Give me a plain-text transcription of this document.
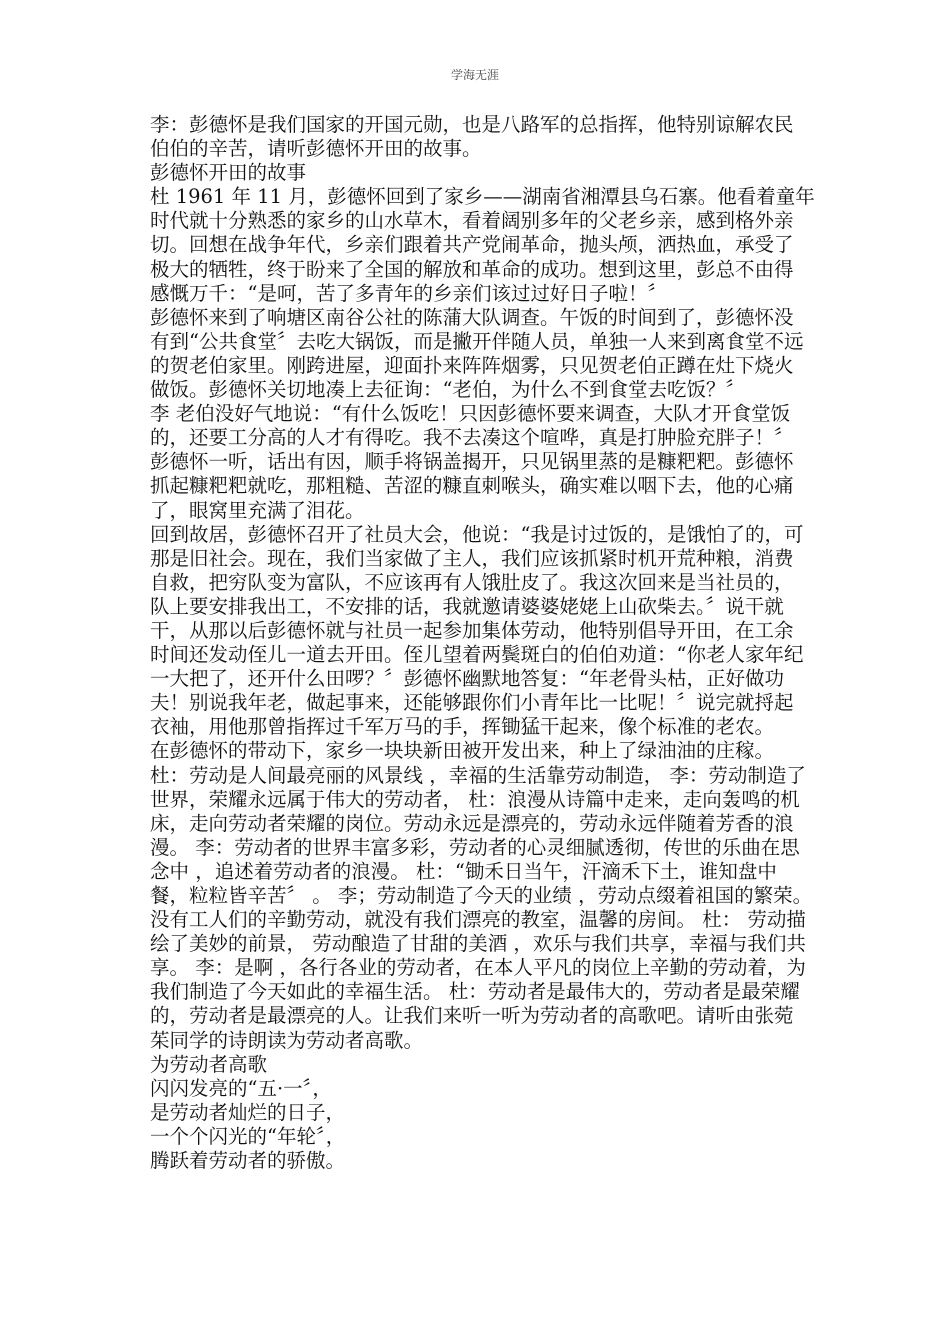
学海无涯
李：彭德怀是我们国家的开国元勋，也是八路军的总指挥，他特别谅解农民
伯伯的辛苦，请听彭德怀开田的故事。
彭德怀开田的故事
杜 1961 年 11 月，彭德怀回到了家乡——湖南省湘潭县乌石寨。他看着童年
时代就十分熟悉的家乡的山水草木，看着阔别多年的父老乡亲，感到格外亲
切。回想在战争年代，乡亲们跟着共产党闹革命，抛头颅，洒热血，承受了
极大的牺牲，终于盼来了全国的解放和革命的成功。想到这里，彭总不由得
感慨万千：“是呵，苦了多青年的乡亲们该过过好日子啦！〞
彭德怀来到了响塘区南谷公社的陈蒲大队调查。午饭的时间到了，彭德怀没
有到“公共食堂〞去吃大锅饭，而是撇开伴随人员，单独一人来到离食堂不远
的贺老伯家里。刚跨进屋，迎面扑来阵阵烟雾，只见贺老伯正蹲在灶下烧火
做饭。彭德怀关切地凑上去征询：“老伯，为什么不到食堂去吃饭？〞
李 老伯没好气地说：“有什么饭吃！只因彭德怀要来调查，大队才开食堂饭
的，还要工分高的人才有得吃。我不去凑这个喧哗，真是打肿脸充胖子！〞
彭德怀一听，话出有因，顺手将锅盖揭开，只见锅里蒸的是糠粑粑。彭德怀
抓起糠粑粑就吃，那粗糙、苦涩的糠直刺喉头，确实难以咽下去，他的心痛
了，眼窝里充满了泪花。
回到故居，彭德怀召开了社员大会，他说：“我是讨过饭的，是饿怕了的，可
那是旧社会。现在，我们当家做了主人，我们应该抓紧时机开荒种粮，消费
自救，把穷队变为富队，不应该再有人饿肚皮了。我这次回来是当社员的，
队上要安排我出工，不安排的话，我就邀请婆婆姥姥上山砍柴去。〞说干就
干，从那以后彭德怀就与社员一起参加集体劳动，他特别倡导开田，在工余
时间还发动侄儿一道去开田。侄儿望着两鬓斑白的伯伯劝道：“你老人家年纪
一大把了，还开什么田啰？〞彭德怀幽默地答复：“年老骨头枯，正好做功
夫！别说我年老，做起事来，还能够跟你们小青年比一比呢！〞说完就捋起
衣袖，用他那曾指挥过千军万马的手，挥锄猛干起来，像个标准的老农。
在彭德怀的带动下，家乡一块块新田被开发出来，种上了绿油油的庄稼。
杜：劳动是人间最亮丽的风景线 ，幸福的生活靠劳动制造， 李：劳动制造了
世界，荣耀永远属于伟大的劳动者， 杜：浪漫从诗篇中走来，走向轰鸣的机
床，走向劳动者荣耀的岗位。劳动永远是漂亮的，劳动永远伴随着芳香的浪
漫。 李：劳动者的世界丰富多彩，劳动者的心灵细腻透彻，传世的乐曲在思
念中 ，追述着劳动者的浪漫。 杜：“锄禾日当午，汗滴禾下土，谁知盘中
餐，粒粒皆辛苦〞 。 李；劳动制造了今天的业绩 ，劳动点缀着祖国的繁荣。
没有工人们的辛勤劳动，就没有我们漂亮的教室，温馨的房间。 杜： 劳动描
绘了美妙的前景， 劳动酿造了甘甜的美酒 ，欢乐与我们共享，幸福与我们共
享。 李：是啊 ，各行各业的劳动者，在本人平凡的岗位上辛勤的劳动着，为
我们制造了今天如此的幸福生活。 杜：劳动者是最伟大的，劳动者是最荣耀
的，劳动者是最漂亮的人。让我们来听一听为劳动者的高歌吧。请听由张菀
茱同学的诗朗读为劳动者高歌。
为劳动者高歌
闪闪发亮的“五·一〞，
是劳动者灿烂的日子，
一个个闪光的“年轮〞，
腾跃着劳动者的骄傲。
